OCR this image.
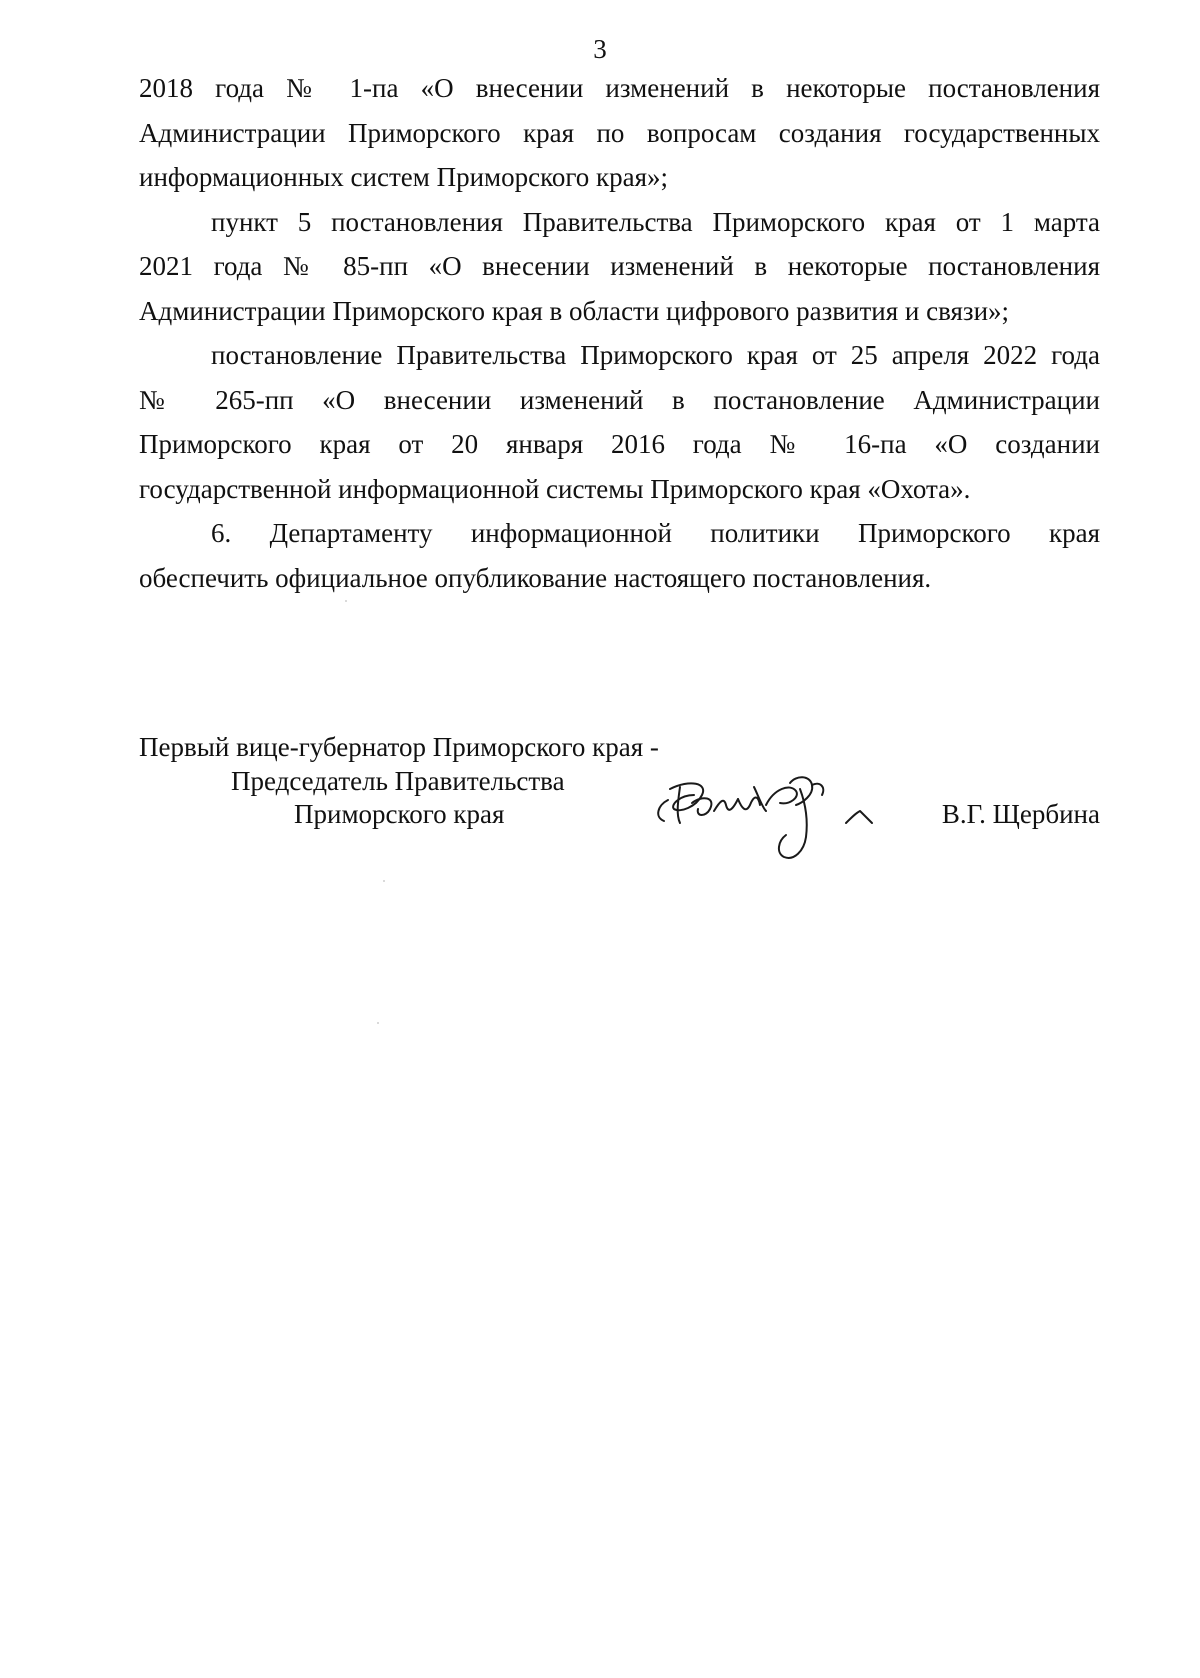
3
2018 года № 1-па «О внесении изменений в некоторые постановления
Администрации Приморского края по вопросам создания государственных
информационных систем Приморского края»;
пункт 5 постановления Правительства Приморского края от 1 марта
2021 года № 85-пп «О внесении изменений в некоторые постановления
Администрации Приморского края в области цифрового развития и связи»;
постановление Правительства Приморского края от 25 апреля 2022 года
№ 265-пп «О внесении изменений в постановление Администрации
Приморского края от 20 января 2016 года № 16-па «О создании
государственной информационной системы Приморского края «Охота».
6. Департаменту информационной политики Приморского края
обеспечить официальное опубликование настоящего постановления.
Первый вице-губернатор Приморского края -
Председатель Правительства
Приморского края	В.Г. Щербина
